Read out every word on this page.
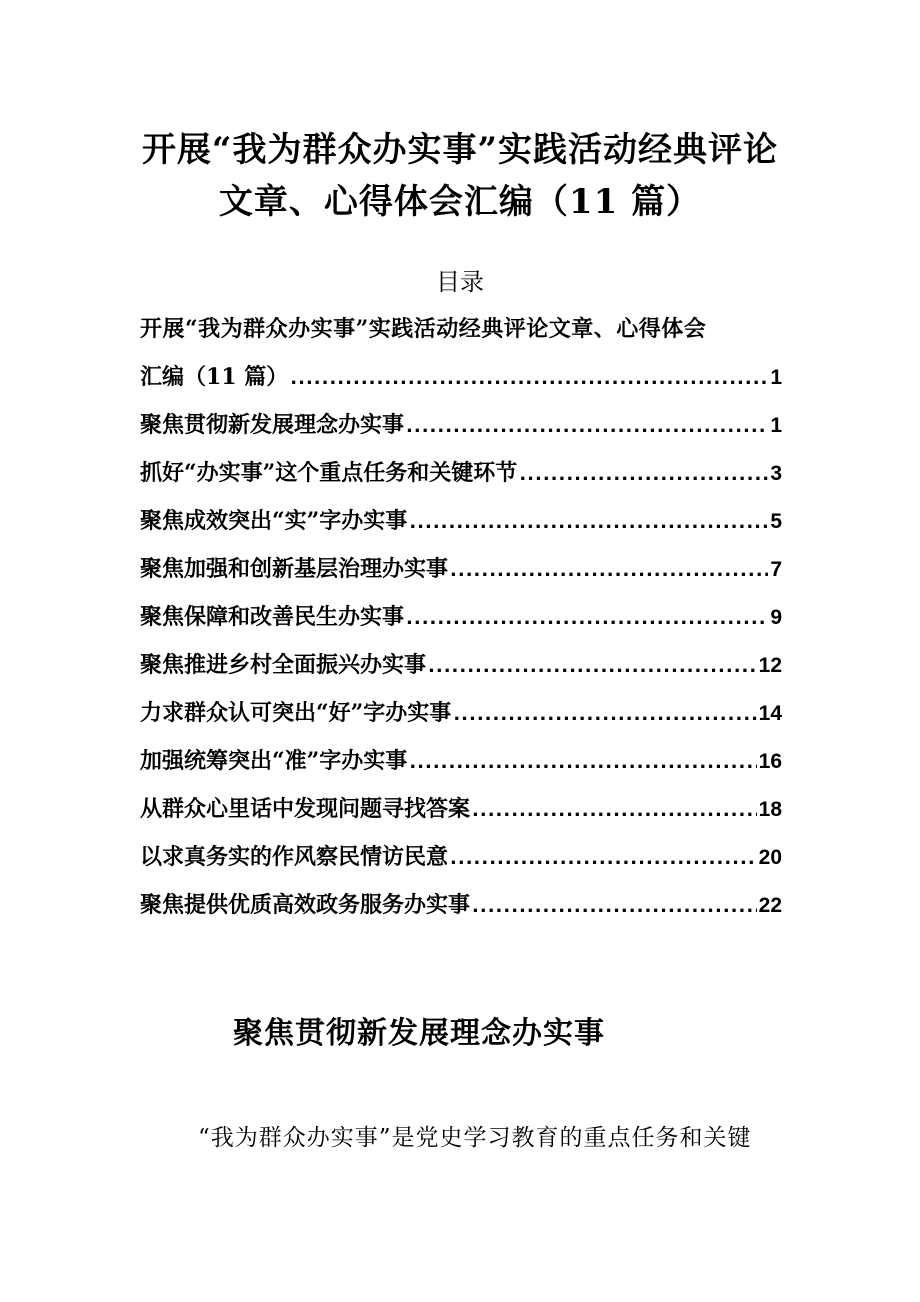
开展“我为群众办实事”实践活动经典评论
文章、心得体会汇编（11 篇）
目录
开展“我为群众办实事”实践活动经典评论文章、心得体会
汇编（11 篇） .....	1
聚焦贯彻新发展理念办实事 .....	1
抓好“办实事”这个重点任务和关键环节 .....	3
聚焦成效突出“实”字办实事 .....	5
聚焦加强和创新基层治理办实事 .....	7
聚焦保障和改善民生办实事 .....	9
聚焦推进乡村全面振兴办实事 .....	12
力求群众认可突出“好”字办实事 .....	14
加强统筹突出“准”字办实事 .....	16
从群众心里话中发现问题寻找答案 .....	18
以求真务实的作风察民情访民意 .....	20
聚焦提供优质高效政务服务办实事 .....	22
聚焦贯彻新发展理念办实事
“我为群众办实事”是党史学习教育的重点任务和关键
